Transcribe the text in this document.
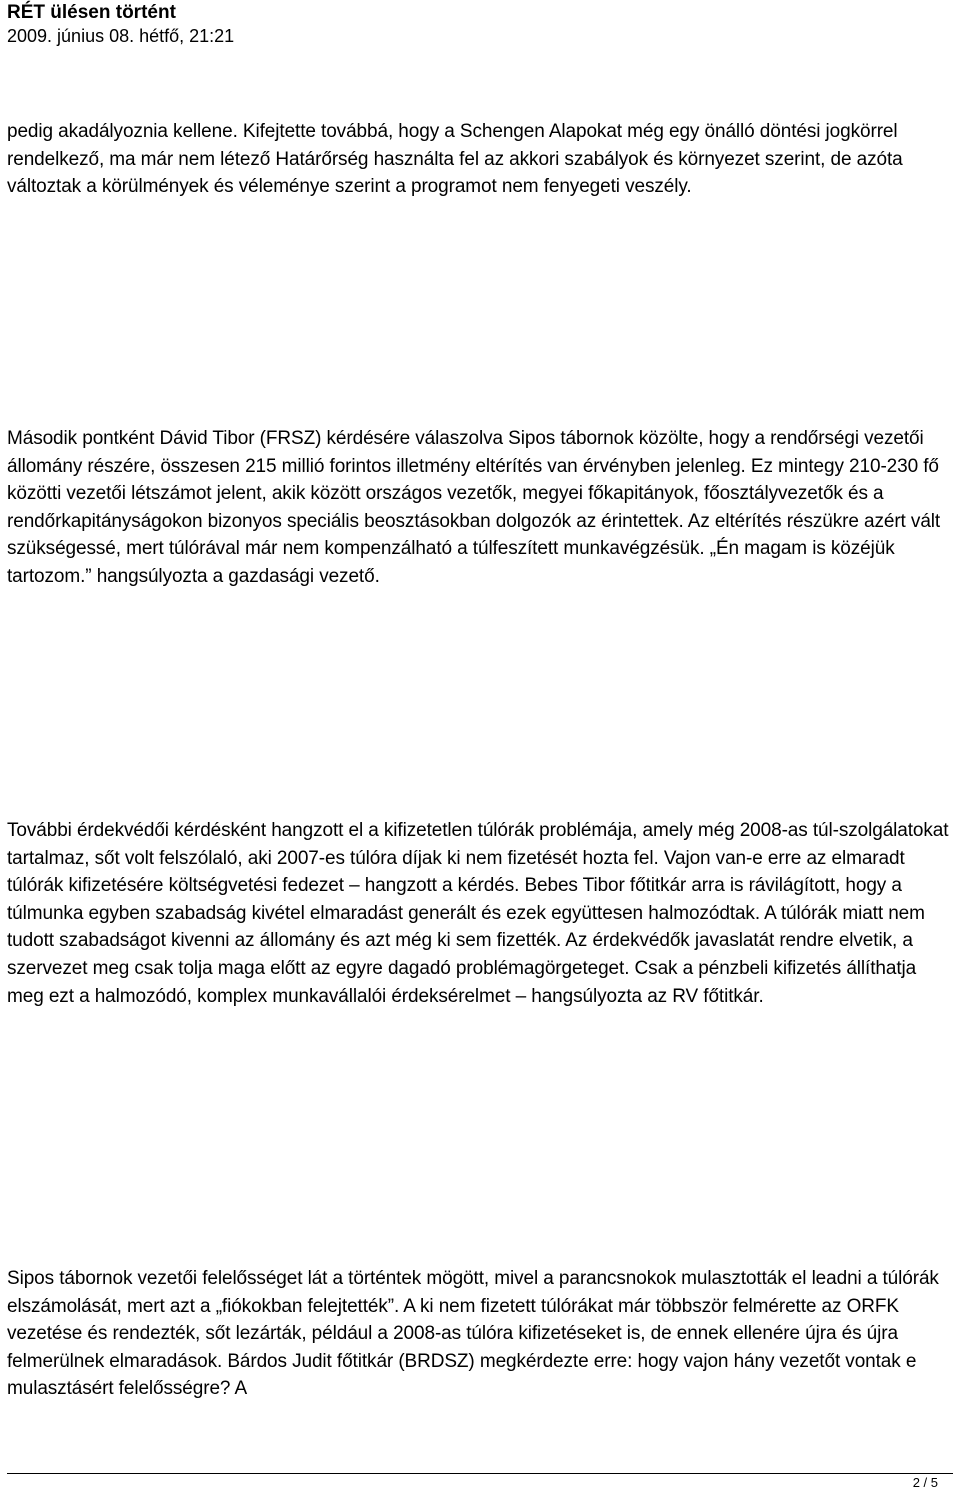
RÉT ülésen történt
2009. június 08. hétfő, 21:21

pedig akadályoznia kellene. Kifejtette továbbá, hogy a Schengen Alapokat még egy önálló döntési jogkörrel rendelkező, ma már nem létező Határőrség használta fel az akkori szabályok és környezet szerint, de azóta változtak a körülmények és véleménye szerint a programot nem fenyegeti veszély.

Második pontként Dávid Tibor (FRSZ) kérdésére válaszolva Sipos tábornok közölte, hogy a rendőrségi vezetői állomány részére, összesen 215 millió forintos illetmény eltérítés van érvényben jelenleg. Ez mintegy 210-230 fő közötti vezetői létszámot jelent, akik között országos vezetők, megyei főkapitányok, főosztályvezetők és a rendőrkapitányságokon bizonyos speciális beosztásokban dolgozók az érintettek. Az eltérítés részükre azért vált szükségessé, mert túlórával már nem kompenzálható a túlfeszített munkavégzésük. „Én magam is közéjük tartozom.” hangsúlyozta a gazdasági vezető.

További érdekvédői kérdésként hangzott el a kifizetetlen túlórák problémája, amely még 2008-as túl-szolgálatokat tartalmaz, sőt volt felszólaló, aki 2007-es túlóra díjak ki nem fizetését hozta fel. Vajon van-e erre az elmaradt túlórák kifizetésére költségvetési fedezet – hangzott a kérdés. Bebes Tibor főtitkár arra is rávilágított, hogy a túlmunka egyben szabadság kivétel elmaradást generált és ezek együttesen halmozódtak. A túlórák miatt nem tudott szabadságot kivenni az állomány és azt még ki sem fizették. Az érdekvédők javaslatát rendre elvetik, a szervezet meg csak tolja maga előtt az egyre dagadó problémagörgeteget. Csak a pénzbeli kifizetés állíthatja meg ezt a halmozódó, komplex munkavállalói érdeksérelmet – hangsúlyozta az RV főtitkár.

Sipos tábornok vezetői felelősséget lát a történtek mögött, mivel a parancsnokok mulasztották el leadni a túlórák elszámolását, mert azt a „fiókokban felejtették”. A ki nem fizetett túlórákat már többször felmérette az ORFK vezetése és rendezték, sőt lezárták, például a 2008-as túlóra kifizetéseket is, de ennek ellenére újra és újra felmerülnek elmaradások. Bárdos Judit főtitkár (BRDSZ) megkérdezte erre: hogy vajon hány vezetőt vontak e mulasztásért felelősségre? A

2 / 5
